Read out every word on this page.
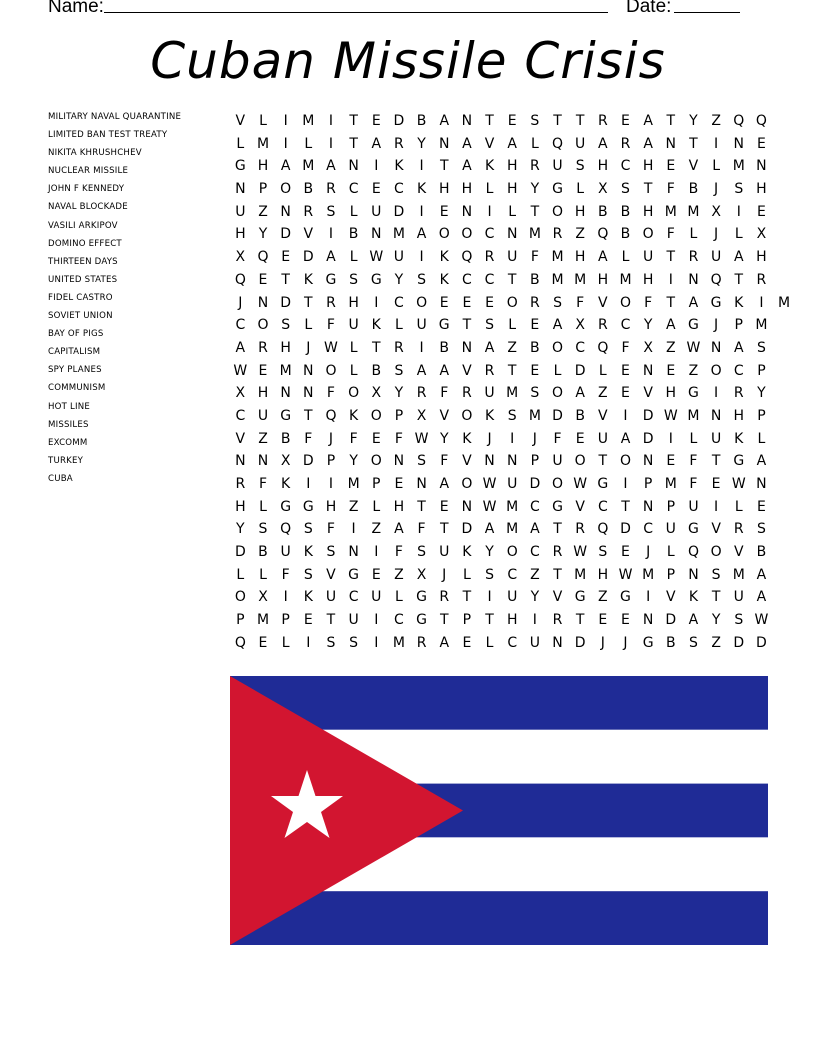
Name:	Date:
Cuban Missile Crisis
MILITARY NAVAL QUARANTINE
LIMITED BAN TEST TREATY
NIKITA KHRUSHCHEV
NUCLEAR MISSILE
JOHN F KENNEDY
NAVAL BLOCKADE
VASILI ARKIPOV
DOMINO EFFECT
THIRTEEN DAYS
UNITED STATES
FIDEL CASTRO
SOVIET UNION
BAY OF PIGS
CAPITALISM
SPY PLANES
COMMUNISM
HOT LINE
MISSILES
EXCOMM
TURKEY
CUBA
V L	I	M	I	T E D B A N T E S T	T R E A T	Y Z Q Q
L M	I	L	I	T A R Y N A V A L Q U A R A N T	I	N E
G H A M A N	I	K	I	T A K H R U S H C H E V L M N
N P O B R C E C K H H L H Y G L X S T	F B	J	S H
U Z N R S	L U D	I	E N	I	L	T O H B B H M M X	I	E
H Y D V	I	B N M A O O C N M R Z Q B O F	L	J	L X
X Q E D A L W U	I	K Q R U F M H A L U T R U A H
Q E T K G S G Y S K C C T B M M H M H	I	N Q T R
J	N D T R H	I	C O E E E O R S	F V O F	T A G K	I	M
C O S	L	F U K	L U G T S	L	E A X R C Y A G	J	P M
A R H	J W L	T R	I	B N A Z B O C Q F X Z W N A S
W E M N O L B S A A V R T E	L D L	E N E Z O C P
X H N N F O X Y R F R U M S O A Z E V H G	I	R Y
C U G T Q K O P X V O K S M D B V	I	D W M N H P
V Z B F	J	F	E	F W Y K	J	I	J	F	E U A D	I	L U K	L
N N X D P	Y O N S	F V N N P U O T O N E	F	T G A
R F	K	I	I	M P	E N A O W U D O W G	I	P M F	E W N
H L G G H Z L H T E N W M C G V C T N P U	I	L	E
Y S Q S	F	I	Z A F	T D A M A T R Q D C U G V R S
D B U K S N	I	F	S U K Y O C R W S E	J	L Q O V B
L	L	F	S V G E Z X	J	L	S C Z T M H W M P N S M A
O X	I	K U C U L G R T	I	U Y V G Z G	I	V K T U A
P M P	E T U	I	C G T	P	T H	I	R T E E N D A Y S W
Q E	L	I	S S	I	M R A E	L C U N D	J	J	G B S Z D D
